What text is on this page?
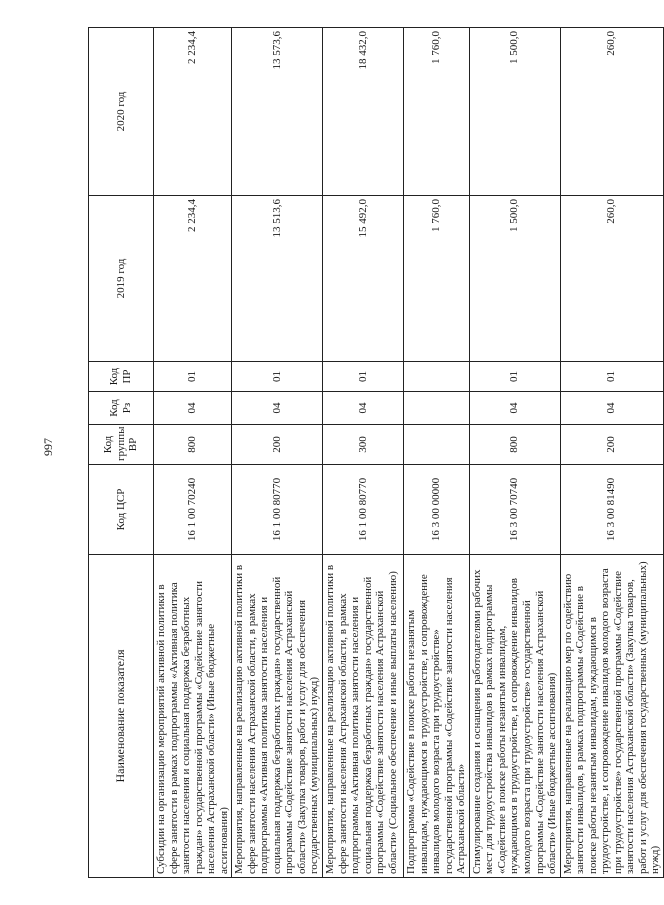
997
Наименование показателя	Код ЦСР	Код группы ВР	Код Рз	Код ПР	2019 год	2020 год
Субсидии на организацию мероприятий активной политики в сфере занятости в рамках подпрограммы «Активная политика занятости населения и социальная поддержка безработных граждан» государственной программы «Содействие занятости населения Астраханской области» (Иные бюджетные ассигнования)	16 1 00 70240	800	04	01	2 234,4	2 234,4
Мероприятия, направленные на реализацию активной политики в сфере занятости населения Астраханской области, в рамках подпрограммы «Активная политика занятости населения и социальная поддержка безработных граждан» государственной программы «Содействие занятости населения Астраханской области» (Закупка товаров, работ и услуг для обеспечения государственных (муниципальных) нужд)	16 1 00 80770	200	04	01	13 513,6	13 573,6
Мероприятия, направленные на реализацию активной политики в сфере занятости населения Астраханской области, в рамках подпрограммы «Активная политика занятости населения и социальная поддержка безработных граждан» государственной программы «Содействие занятости населения Астраханской области» (Социальное обеспечение и иные выплаты населению)	16 1 00 80770	300	04	01	15 492,0	18 432,0
Подпрограмма «Содействие в поиске работы незанятым инвалидам, нуждающимся в трудоустройстве, и сопровождение инвалидов молодого возраста при трудоустройстве» государственной программы «Содействие занятости населения Астраханской области»	16 3 00 00000				1 760,0	1 760,0
Стимулирование создания и оснащения работодателями рабочих мест для трудоустройства инвалидов в рамках подпрограммы «Содействие в поиске работы незанятым инвалидам, нуждающимся в трудоустройстве, и сопровождение инвалидов молодого возраста при трудоустройстве» государственной программы «Содействие занятости населения Астраханской области» (Иные бюджетные ассигнования)	16 3 00 70740	800	04	01	1 500,0	1 500,0
Мероприятия, направленные на реализацию мер по содействию занятости инвалидов, в рамках подпрограммы «Содействие в поиске работы незанятым инвалидам, нуждающимся в трудоустройстве, и сопровождение инвалидов молодого возраста при трудоустройстве» государственной программы «Содействие занятости населения Астраханской области» (Закупка товаров, работ и услуг для обеспечения государственных (муниципальных) нужд)	16 3 00 81490	200	04	01	260,0	260,0
